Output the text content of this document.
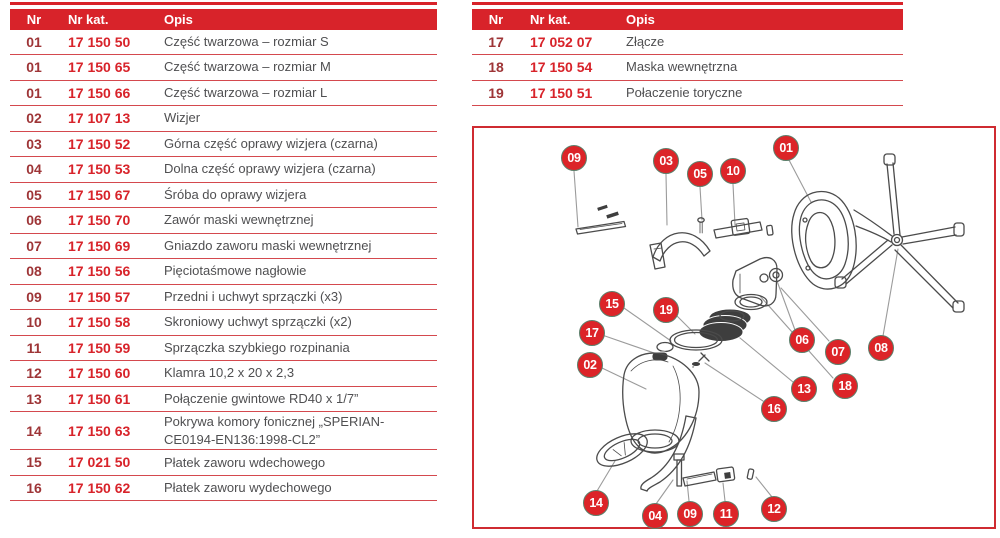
Nr	Nr kat.	Opis
01	17 150 50	Część twarzowa – rozmiar S
01	17 150 65	Część twarzowa – rozmiar M
01	17 150 66	Część twarzowa – rozmiar L
02	17 107 13	Wizjer
03	17 150 52	Górna część oprawy wizjera (czarna)
04	17 150 53	Dolna część oprawy wizjera (czarna)
05	17 150 67	Śróba do oprawy wizjera
06	17 150 70	Zawór maski wewnętrznej
07	17 150 69	Gniazdo zaworu maski wewnętrznej
08	17 150 56	Pięciotaśmowe nagłowie
09	17 150 57	Przedni i uchwyt sprzączki (x3)
10	17 150 58	Skroniowy uchwyt sprzączki (x2)
11	17 150 59	Sprzączka szybkiego rozpinania
12	17 150 60	Klamra 10,2 x 20 x 2,3
13	17 150 61	Połączenie gwintowe RD40 x 1/7”
14	17 150 63
Pokrywa komory fonicznej „SPERIAN-CE0194-EN136:1998-CL2”
15	17 021 50	Płatek zaworu wdechowego
16	17 150 62	Płatek zaworu wydechowego
Nr	Nr kat.	Opis
17	17 052 07	Złącze
18	17 150 54	Maska wewnętrzna
19	17 150 51	Połaczenie toryczne
09	03
05 10
01
06
07 08
15	19
17
02
13 18
16
14
04 09 11	12
